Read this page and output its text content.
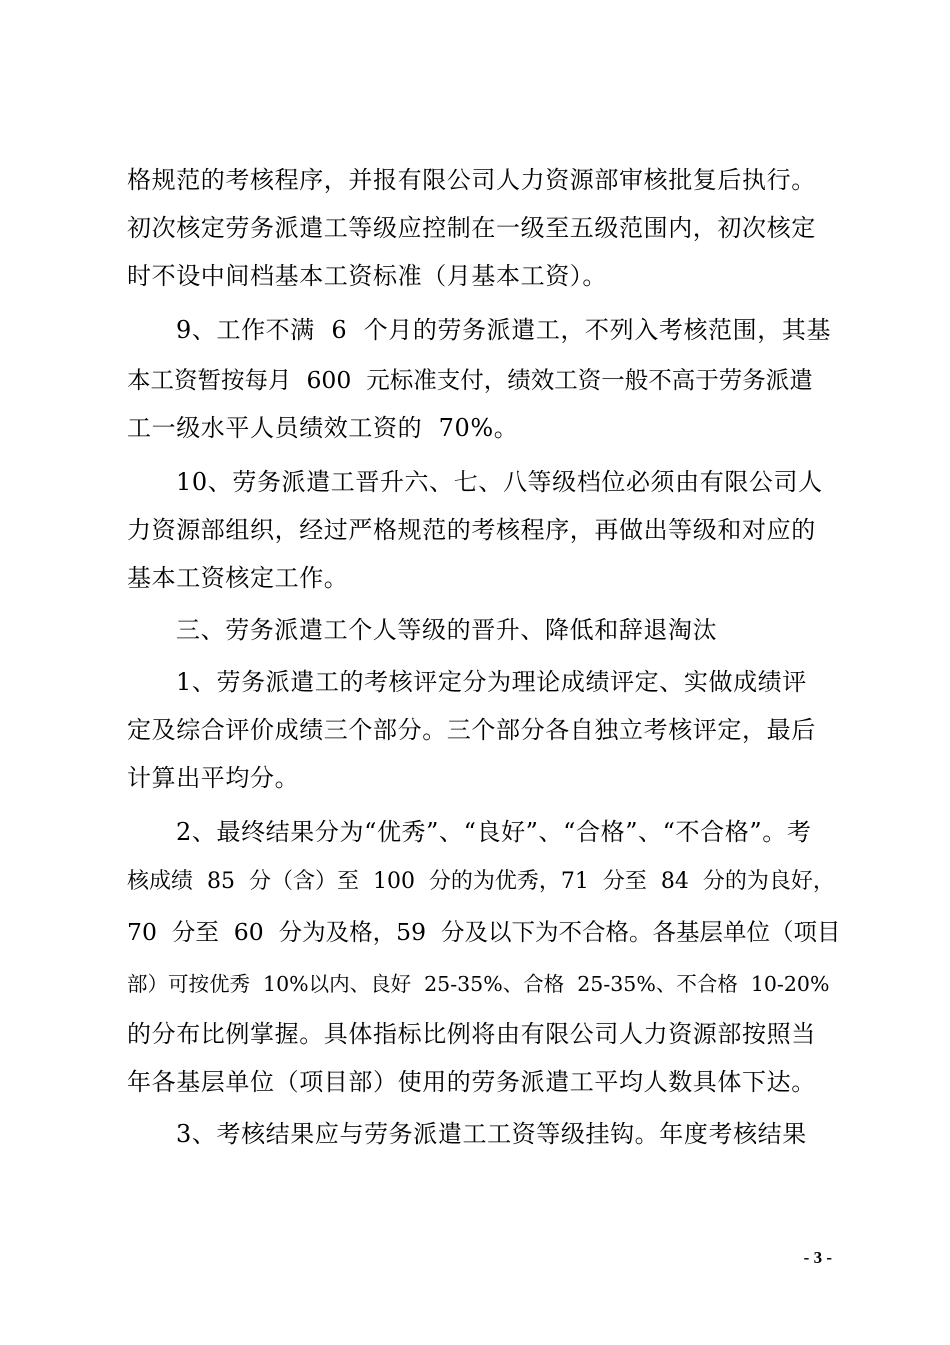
格规范的考核程序，并报有限公司人力资源部审核批复后执行。

初次核定劳务派遣工等级应控制在一级至五级范围内，初次核定

时不设中间档基本工资标准（月基本工资）。

9、工作不满  6  个月的劳务派遣工，不列入考核范围，其基

本工资暂按每月  600  元标准支付，绩效工资一般不高于劳务派遣

工一级水平人员绩效工资的  70%。

10、劳务派遣工晋升六、七、八等级档位必须由有限公司人

力资源部组织，经过严格规范的考核程序，再做出等级和对应的

基本工资核定工作。

三、劳务派遣工个人等级的晋升、降低和辞退淘汰

1、劳务派遣工的考核评定分为理论成绩评定、实做成绩评

定及综合评价成绩三个部分。三个部分各自独立考核评定，最后

计算出平均分。

2、最终结果分为“优秀”、“良好”、“合格”、“不合格”。考

核成绩  85  分（含）至  100  分的为优秀，71  分至  84  分的为良好，

70  分至  60  分为及格，59  分及以下为不合格。各基层单位（项目

部）可按优秀  10%以内、良好  25-35%、合格  25-35%、不合格  10-20%

的分布比例掌握。具体指标比例将由有限公司人力资源部按照当

年各基层单位（项目部）使用的劳务派遣工平均人数具体下达。

3、考核结果应与劳务派遣工工资等级挂钩。年度考核结果

- 3 -
